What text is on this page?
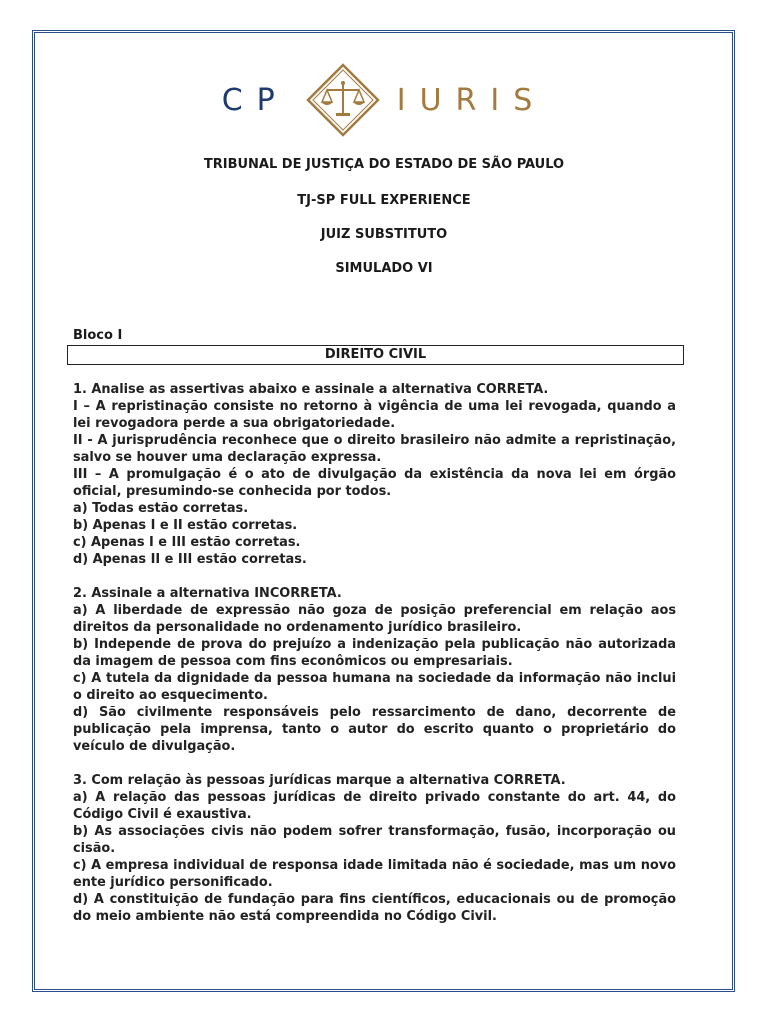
CP	IURIS
TRIBUNAL DE JUSTIÇA DO ESTADO DE SÃO PAULO
TJ-SP FULL EXPERIENCE
JUIZ SUBSTITUTO
SIMULADO VI
Bloco I
DIREITO CIVIL
1. Analise as assertivas abaixo e assinale a alternativa CORRETA.
I – A repristinação consiste no retorno à vigência de uma lei revogada, quando a lei revogadora perde a sua obrigatoriedade.
II - A jurisprudência reconhece que o direito brasileiro não admite a repristinação, salvo se houver uma declaração expressa.
III – A promulgação é o ato de divulgação da existência da nova lei em órgão oficial, presumindo-se conhecida por todos.
a) Todas estão corretas.
b) Apenas I e II estão corretas.
c) Apenas I e III estão corretas.
d) Apenas II e III estão corretas.
2. Assinale a alternativa INCORRETA.
a) A liberdade de expressão não goza de posição preferencial em relação aos direitos da personalidade no ordenamento jurídico brasileiro.
b) Independe de prova do prejuízo a indenização pela publicação não autorizada da imagem de pessoa com fins econômicos ou empresariais.
c) A tutela da dignidade da pessoa humana na sociedade da informação não inclui o direito ao esquecimento.
d) São civilmente responsáveis pelo ressarcimento de dano, decorrente de publicação pela imprensa, tanto o autor do escrito quanto o proprietário do veículo de divulgação.
3. Com relação às pessoas jurídicas marque a alternativa CORRETA.
a) A relação das pessoas jurídicas de direito privado constante do art. 44, do Código Civil é exaustiva.
b) As associações civis não podem sofrer transformação, fusão, incorporação ou cisão.
c) A empresa individual de responsa idade limitada não é sociedade, mas um novo ente jurídico personificado.
d) A constituição de fundação para fins científicos, educacionais ou de promoção do meio ambiente não está compreendida no Código Civil.
